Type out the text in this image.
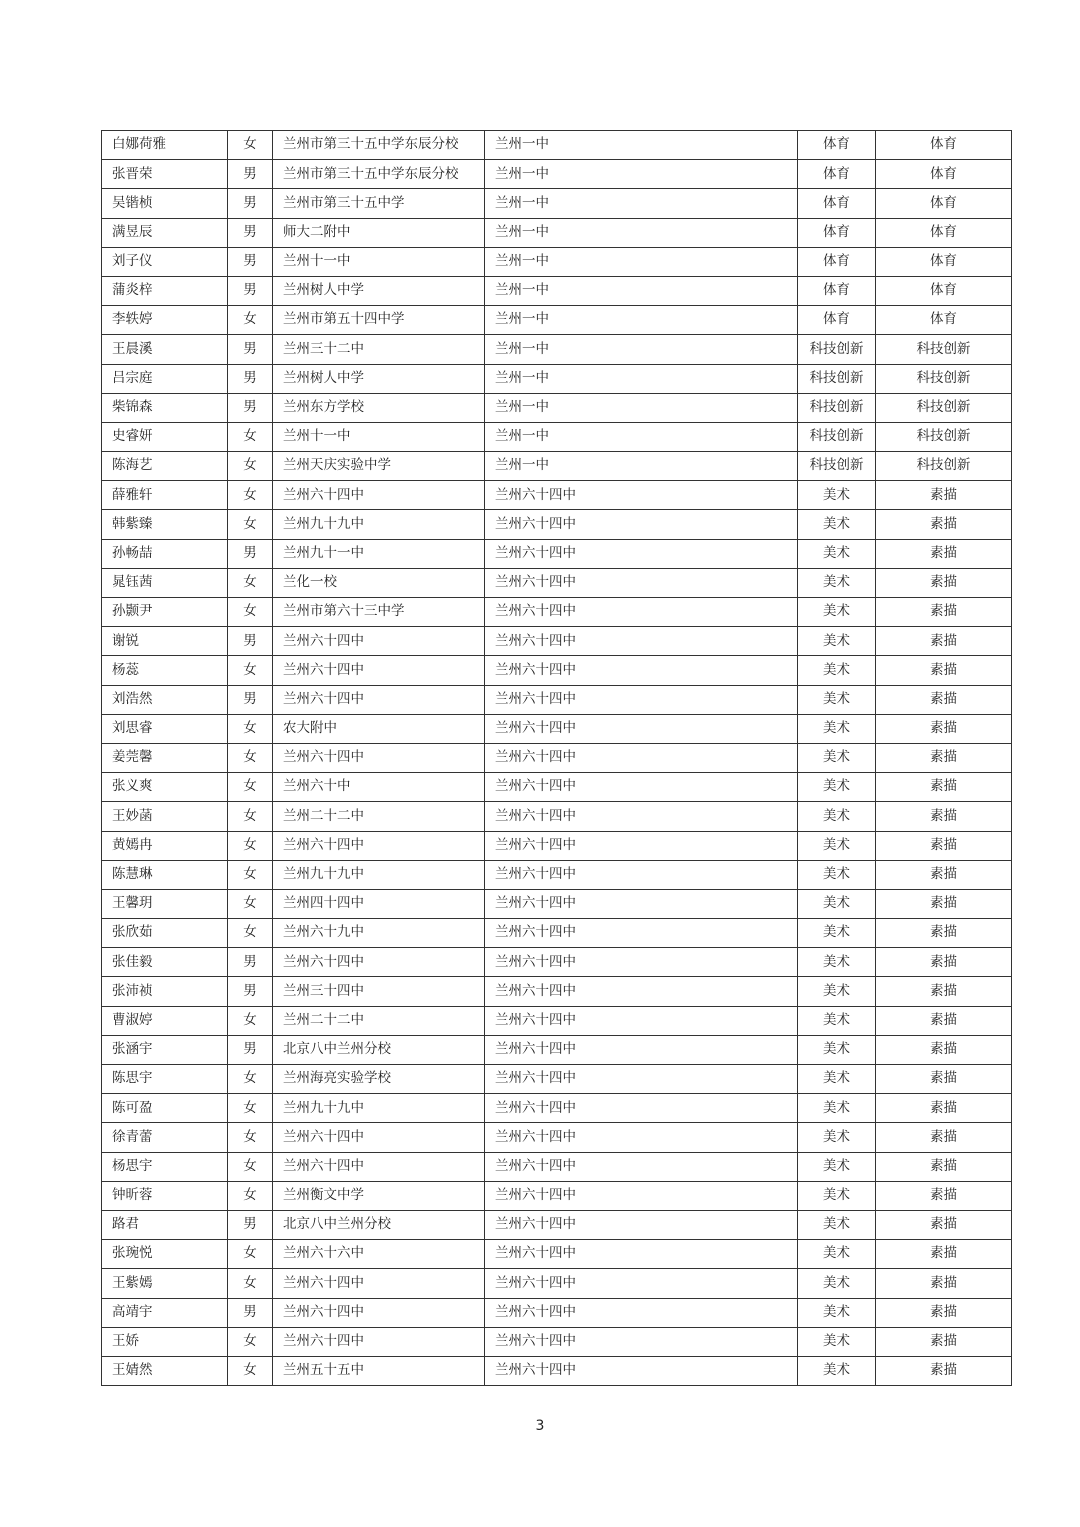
白娜荷雅	女	兰州市第三十五中学东辰分校	兰州一中	体育	体育
张晋荣	男	兰州市第三十五中学东辰分校	兰州一中	体育	体育
吴锴桢	男	兰州市第三十五中学	兰州一中	体育	体育
满昱辰	男	师大二附中	兰州一中	体育	体育
刘子仪	男	兰州十一中	兰州一中	体育	体育
蒲炎梓	男	兰州树人中学	兰州一中	体育	体育
李轶婷	女	兰州市第五十四中学	兰州一中	体育	体育
王晨溪	男	兰州三十二中	兰州一中	科技创新	科技创新
吕宗庭	男	兰州树人中学	兰州一中	科技创新	科技创新
柴锦森	男	兰州东方学校	兰州一中	科技创新	科技创新
史睿妍	女	兰州十一中	兰州一中	科技创新	科技创新
陈海艺	女	兰州天庆实验中学	兰州一中	科技创新	科技创新
薛雅轩	女	兰州六十四中	兰州六十四中	美术	素描
韩紫臻	女	兰州九十九中	兰州六十四中	美术	素描
孙畅喆	男	兰州九十一中	兰州六十四中	美术	素描
晁钰茜	女	兰化一校	兰州六十四中	美术	素描
孙颢尹	女	兰州市第六十三中学	兰州六十四中	美术	素描
谢锐	男	兰州六十四中	兰州六十四中	美术	素描
杨蕊	女	兰州六十四中	兰州六十四中	美术	素描
刘浩然	男	兰州六十四中	兰州六十四中	美术	素描
刘思睿	女	农大附中	兰州六十四中	美术	素描
姜莞馨	女	兰州六十四中	兰州六十四中	美术	素描
张义爽	女	兰州六十中	兰州六十四中	美术	素描
王妙菡	女	兰州二十二中	兰州六十四中	美术	素描
黄嫣冉	女	兰州六十四中	兰州六十四中	美术	素描
陈慧琳	女	兰州九十九中	兰州六十四中	美术	素描
王馨玥	女	兰州四十四中	兰州六十四中	美术	素描
张欣茹	女	兰州六十九中	兰州六十四中	美术	素描
张佳毅	男	兰州六十四中	兰州六十四中	美术	素描
张沛祯	男	兰州三十四中	兰州六十四中	美术	素描
曹淑婷	女	兰州二十二中	兰州六十四中	美术	素描
张涵宇	男	北京八中兰州分校	兰州六十四中	美术	素描
陈思宇	女	兰州海亮实验学校	兰州六十四中	美术	素描
陈可盈	女	兰州九十九中	兰州六十四中	美术	素描
徐青蕾	女	兰州六十四中	兰州六十四中	美术	素描
杨思宇	女	兰州六十四中	兰州六十四中	美术	素描
钟昕蓉	女	兰州衡文中学	兰州六十四中	美术	素描
路君	男	北京八中兰州分校	兰州六十四中	美术	素描
张琬悦	女	兰州六十六中	兰州六十四中	美术	素描
王紫嫣	女	兰州六十四中	兰州六十四中	美术	素描
高靖宇	男	兰州六十四中	兰州六十四中	美术	素描
王娇	女	兰州六十四中	兰州六十四中	美术	素描
王婧然	女	兰州五十五中	兰州六十四中	美术	素描
3
